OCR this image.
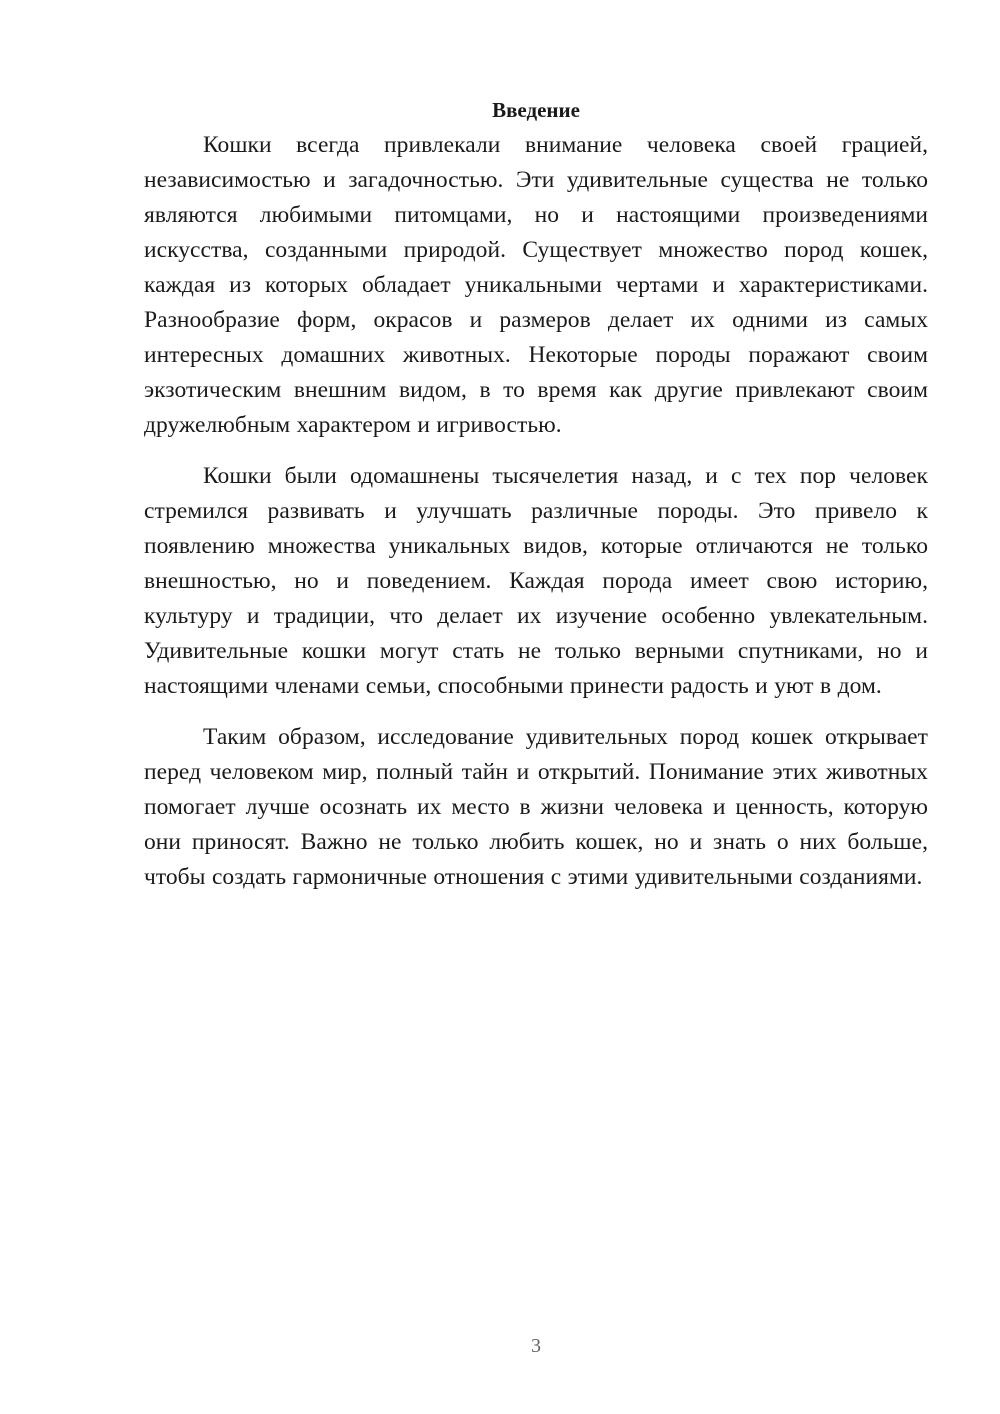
Введение

Кошки всегда привлекали внимание человека своей грацией, независимостью и загадочностью. Эти удивительные существа не только являются любимыми питомцами, но и настоящими произведениями искусства, созданными природой. Существует множество пород кошек, каждая из которых обладает уникальными чертами и характеристиками. Разнообразие форм, окрасов и размеров делает их одними из самых интересных домашних животных. Некоторые породы поражают своим экзотическим внешним видом, в то время как другие привлекают своим дружелюбным характером и игривостью.

Кошки были одомашнены тысячелетия назад, и с тех пор человек стремился развивать и улучшать различные породы. Это привело к появлению множества уникальных видов, которые отличаются не только внешностью, но и поведением. Каждая порода имеет свою историю, культуру и традиции, что делает их изучение особенно увлекательным. Удивительные кошки могут стать не только верными спутниками, но и настоящими членами семьи, способными принести радость и уют в дом.

Таким образом, исследование удивительных пород кошек открывает перед человеком мир, полный тайн и открытий. Понимание этих животных помогает лучше осознать их место в жизни человека и ценность, которую они приносят. Важно не только любить кошек, но и знать о них больше, чтобы создать гармоничные отношения с этими удивительными созданиями.

3
